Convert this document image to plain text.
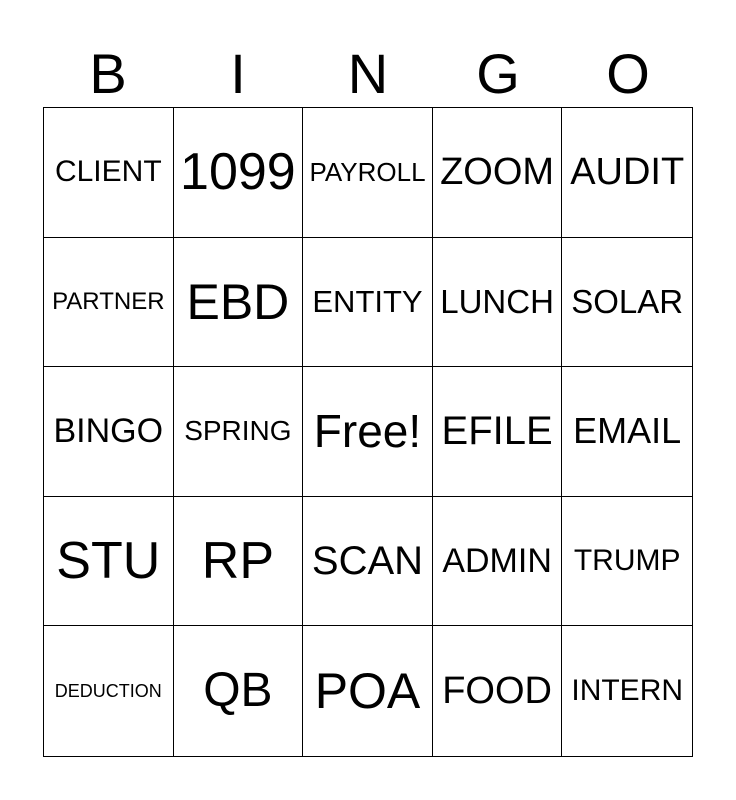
B	I	N	G	O
CLIENT 1099 PAYROLL ZOOM AUDIT
PARTNER EBD ENTITY LUNCH SOLAR
BINGO SPRING Free! EFILE EMAIL
STU RP SCAN ADMIN TRUMP
DEDUCTION QB POA FOOD INTERN
